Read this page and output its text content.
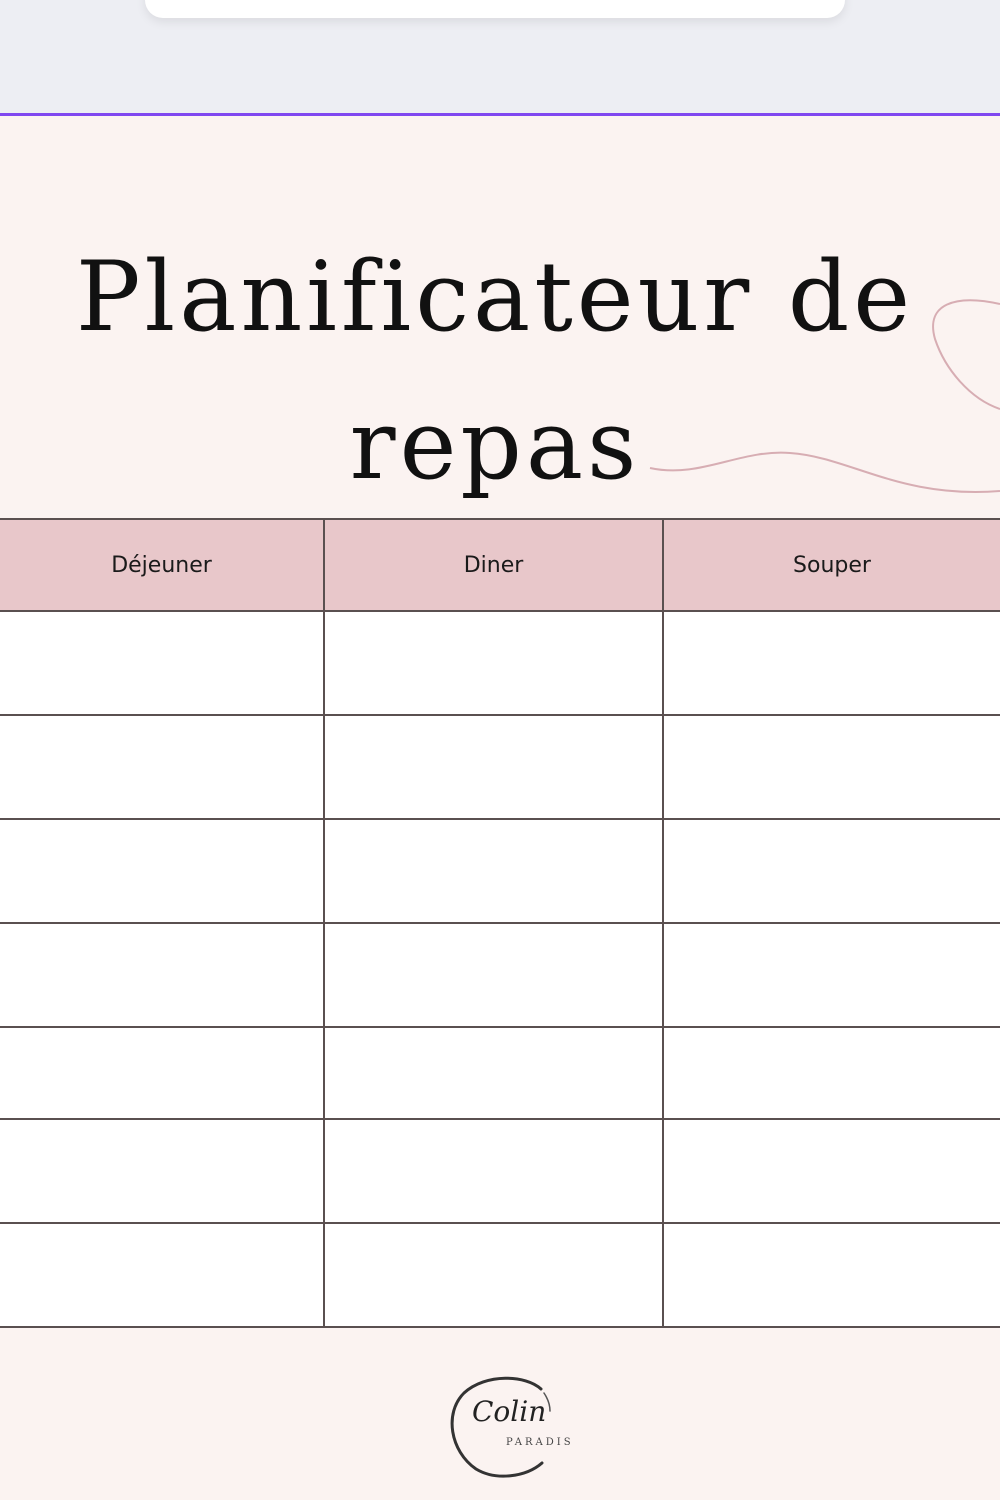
Planificateur de
repas
Déjeuner	Diner	Souper

Colin
PARADIS
